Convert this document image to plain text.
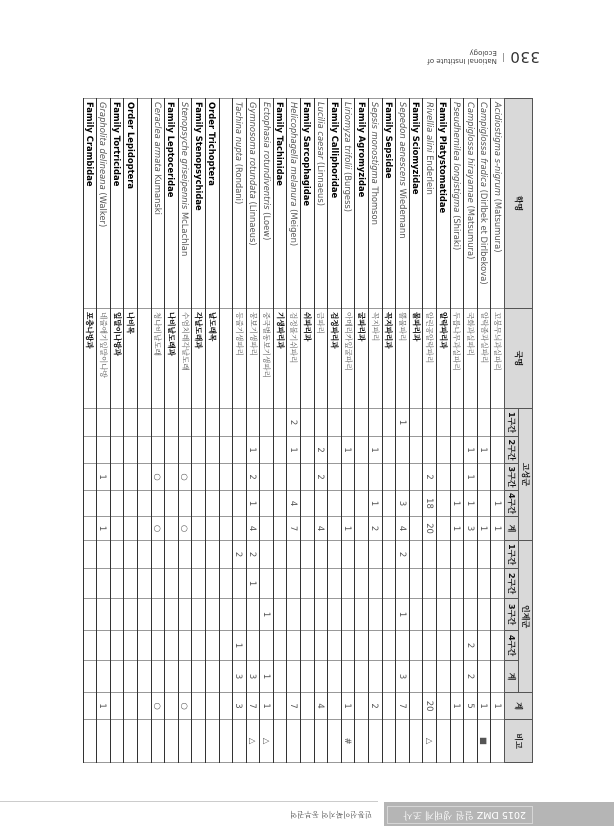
330
|
National Institute of Ecology
학명	국명	고성군					인제군					계	비고
		1구간	2구간	3구간	4구간	계	1구간	2구간	3구간	4구간	계		
Acidiostigma s-nigrum (Matsumura)	꼬붕무늬과실파리				1	1						1	
Campiglossa fradica (Dirlbek et Dirlbekova)	알락좀과실파리		1			1						1	■
Campiglossa hirayamae (Matsumura)	국화과실파리		1	1	1	3				2	2	5	
Pseudhemilea longistigma (Shiraki)	두릅나무과실파리				1	1						1	
Family Platystomatidae	알락파리과												
Rivellia alini Enderlein	알린공알락파리			2	18	20						20	△
Family Sciomyzidae	물파리과												
Sepedon aenescens Wiedemann	뿔물파리	1			3	4	2		1		3	7	
Family Sepsidae	꼭지파리과												
Sepsis monostigma Thomson	꼭지파리		1		1	2						2	
Family Agromyzidae	굴파리과												
Liriomyza trifolii (Burgess)	아메리카잎굴파리		1			1						1	#
Family Calliphoridae	검정파리과												
Lucilia caesar (Linnaeus)	금파리		2	2		4						4	
Family Sarcophagidae	쉬파리과												
Helicophagella melanura (Meigen)	검정볼기쉬파리	2	1		4	7						7	
Family Tachinidae	기생파리과												
Ectophasia rotundiventris (Loew)	중국별동보기생파리								1		1	1	△
Gymnosoma rotundata (Linnaeus)	뭉보기생파리		1	2	1	4	2	1			3	7	△
Tachina nupta (Rondani)	등줄기생파리						2			1	3	3	

Order Trichoptera	날도래목												
Family Stenopsychidae	각날도래과												
Stenopsyche griseipennis McLachlan	수염치레각날도래			○		○						○	
Family Leptoceridae	나비날도래과												
Ceraclea armata Kumanski	청나비날도래			○		○						○	

Order Lepidoptera	나비목												
Family Tortricidae	잎말이나방과												
Grapholita delineana (Walker)	네줄애기잎말이나방			1		1						1	
Family Crambidae	포충나방과												
2015 DMZ 일원 생태계 조사
민통선이북지역 동부권역
